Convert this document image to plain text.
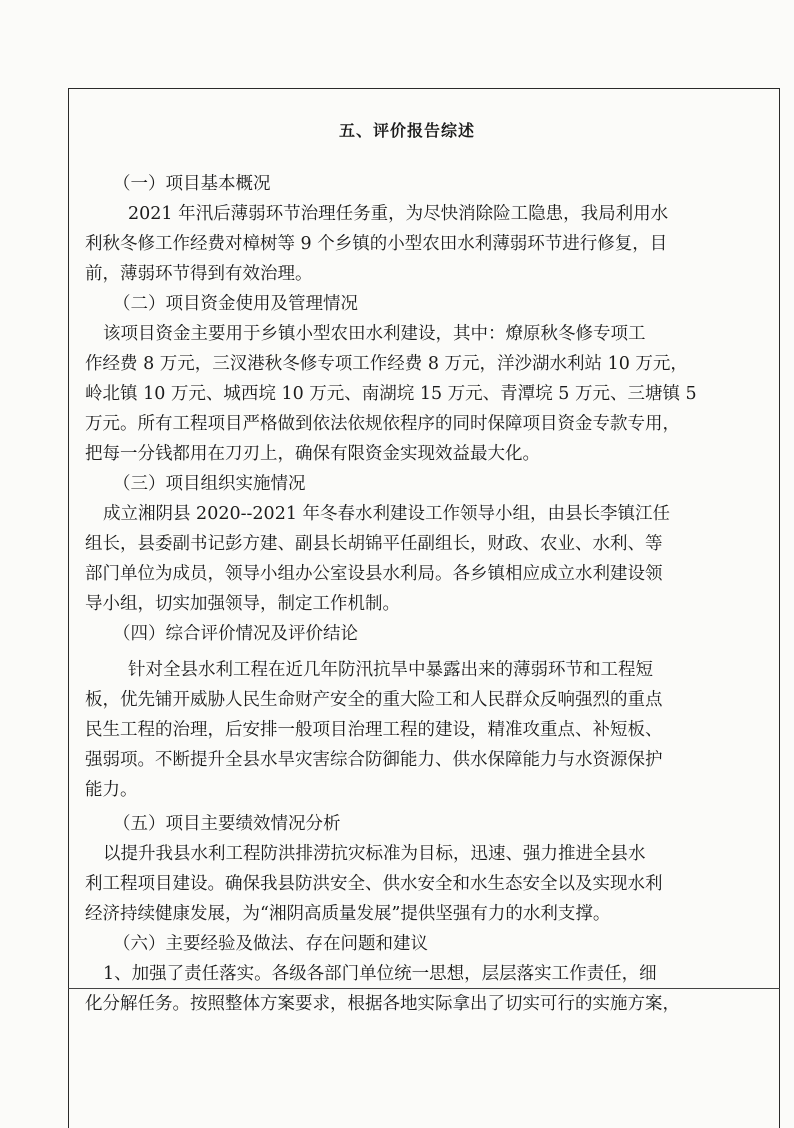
五、评价报告综述
（一）项目基本概况
2021 年汛后薄弱环节治理任务重，为尽快消除险工隐患，我局利用水
利秋冬修工作经费对樟树等 9 个乡镇的小型农田水利薄弱环节进行修复，目
前，薄弱环节得到有效治理。
（二）项目资金使用及管理情况
该项目资金主要用于乡镇小型农田水利建设，其中：燎原秋冬修专项工
作经费 8 万元，三汊港秋冬修专项工作经费 8 万元，洋沙湖水利站 10 万元，
岭北镇 10 万元、城西垸 10 万元、南湖垸 15 万元、青潭垸 5 万元、三塘镇 5
万元。所有工程项目严格做到依法依规依程序的同时保障项目资金专款专用，
把每一分钱都用在刀刃上，确保有限资金实现效益最大化。
（三）项目组织实施情况
成立湘阴县 2020--2021 年冬春水利建设工作领导小组，由县长李镇江任
组长，县委副书记彭方建、副县长胡锦平任副组长，财政、农业、水利、等
部门单位为成员，领导小组办公室设县水利局。各乡镇相应成立水利建设领
导小组，切实加强领导，制定工作机制。
（四）综合评价情况及评价结论
针对全县水利工程在近几年防汛抗旱中暴露出来的薄弱环节和工程短
板，优先铺开威胁人民生命财产安全的重大险工和人民群众反响强烈的重点
民生工程的治理，后安排一般项目治理工程的建设，精准攻重点、补短板、
强弱项。不断提升全县水旱灾害综合防御能力、供水保障能力与水资源保护
能力。
（五）项目主要绩效情况分析
以提升我县水利工程防洪排涝抗灾标准为目标，迅速、强力推进全县水
利工程项目建设。确保我县防洪安全、供水安全和水生态安全以及实现水利
经济持续健康发展，为“湘阴高质量发展”提供坚强有力的水利支撑。
（六）主要经验及做法、存在问题和建议
1、加强了责任落实。各级各部门单位统一思想，层层落实工作责任，细
化分解任务。按照整体方案要求，根据各地实际拿出了切实可行的实施方案，
